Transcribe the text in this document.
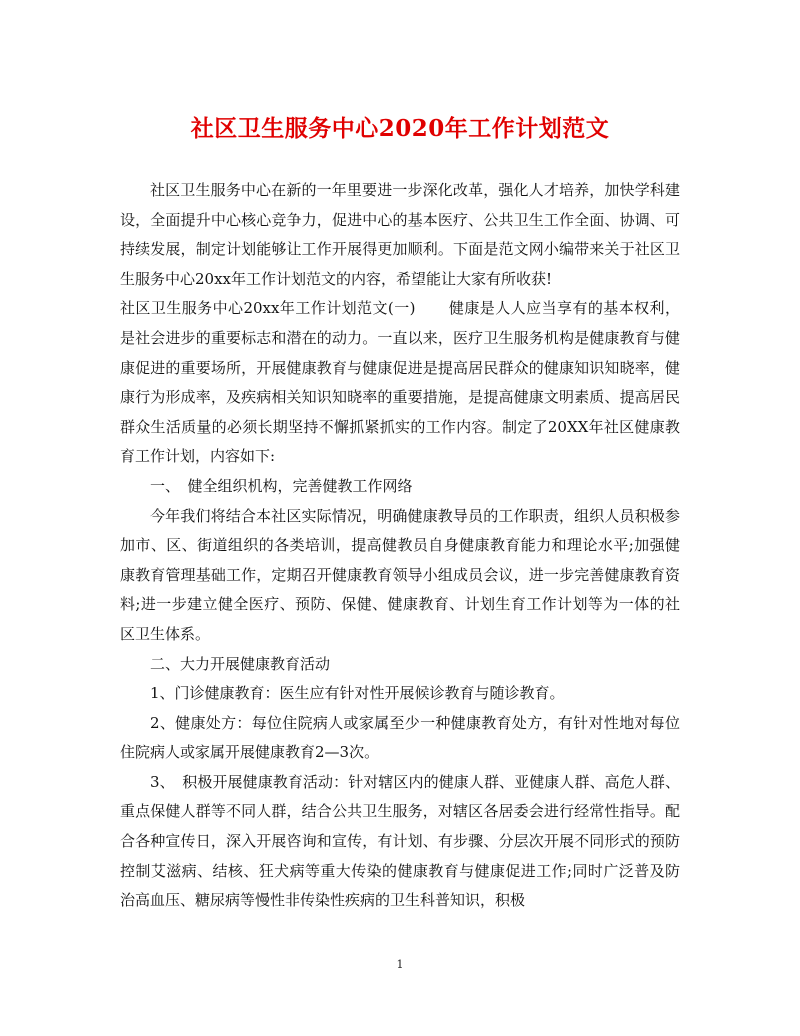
社区卫生服务中心2020年工作计划范文

社区卫生服务中心在新的一年里要进一步深化改革，强化人才培养，加快学科建设，全面提升中心核心竞争力，促进中心的基本医疗、公共卫生工作全面、协调、可持续发展，制定计划能够让工作开展得更加顺利。下面是范文网小编带来关于社区卫生服务中心20xx年工作计划范文的内容，希望能让大家有所收获!
社区卫生服务中心20xx年工作计划范文(一) 健康是人人应当享有的基本权利，是社会进步的重要标志和潜在的动力。一直以来，医疗卫生服务机构是健康教育与健康促进的重要场所，开展健康教育与健康促进是提高居民群众的健康知识知晓率，健康行为形成率，及疾病相关知识知晓率的重要措施，是提高健康文明素质、提高居民群众生活质量的必须长期坚持不懈抓紧抓实的工作内容。制定了20XX年社区健康教育工作计划，内容如下:

一、　健全组织机构，完善健教工作网络

今年我们将结合本社区实际情况，明确健康教导员的工作职责，组织人员积极参加市、区、街道组织的各类培训，提高健教员自身健康教育能力和理论水平;加强健康教育管理基础工作，定期召开健康教育领导小组成员会议，进一步完善健康教育资料;进一步建立健全医疗、预防、保健、健康教育、计划生育工作计划等为一体的社区卫生体系。

二、大力开展健康教育活动

1、门诊健康教育：医生应有针对性开展候诊教育与随诊教育。

2、健康处方：每位住院病人或家属至少一种健康教育处方，有针对性地对每位住院病人或家属开展健康教育2—3次。

3、　积极开展健康教育活动：针对辖区内的健康人群、亚健康人群、高危人群、重点保健人群等不同人群，结合公共卫生服务，对辖区各居委会进行经常性指导。配合各种宣传日，深入开展咨询和宣传，有计划、有步骤、分层次开展不同形式的预防控制艾滋病、结核、狂犬病等重大传染的健康教育与健康促进工作;同时广泛普及防治高血压、糖尿病等慢性非传染性疾病的卫生科普知识，积极

1
